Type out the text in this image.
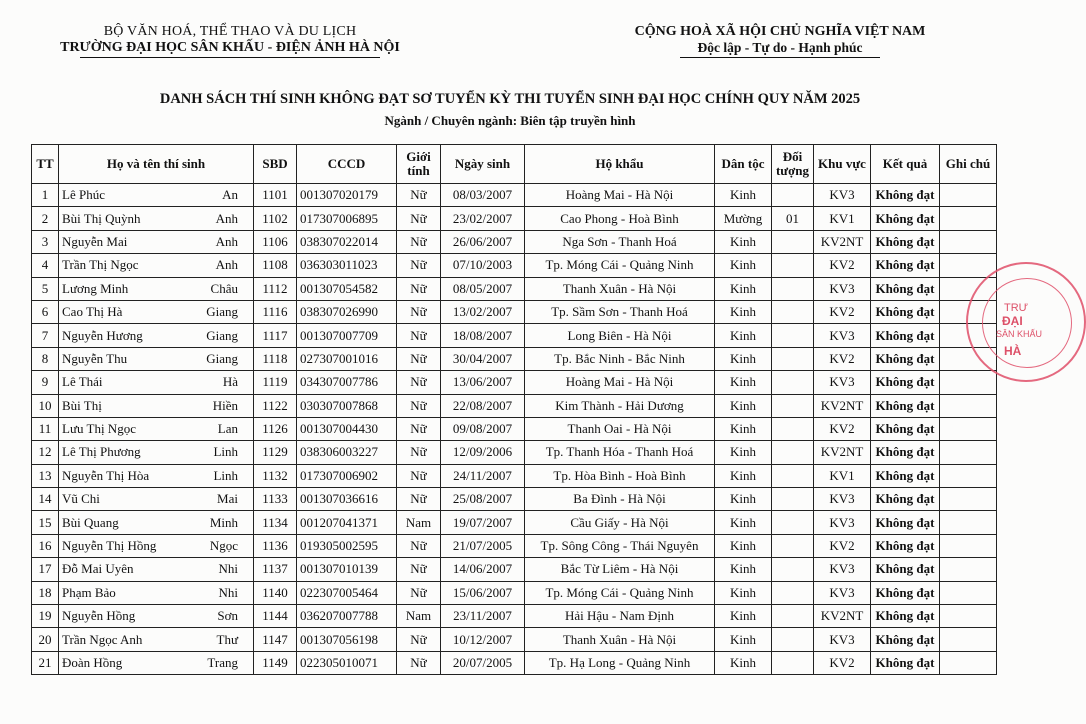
BỘ VĂN HOÁ, THỂ THAO VÀ DU LỊCH
TRƯỜNG ĐẠI HỌC SÂN KHẤU - ĐIỆN ẢNH HÀ NỘI
CỘNG HOÀ XÃ HỘI CHỦ NGHĨA VIỆT NAM
Độc lập - Tự do - Hạnh phúc
DANH SÁCH THÍ SINH KHÔNG ĐẠT SƠ TUYỂN KỲ THI TUYỂN SINH ĐẠI HỌC CHÍNH QUY NĂM 2025
Ngành / Chuyên ngành: Biên tập truyền hình
TT	Họ và tên thí sinh	SBD	CCCD	Giới tính	Ngày sinh	Hộ khẩu	Dân tộc	Đối tượng	Khu vực	Kết quả	Ghi chú
1	Lê Phúc An	1101	001307020179	Nữ	08/03/2007	Hoàng Mai - Hà Nội	Kinh		KV3	Không đạt	
2	Bùi Thị Quỳnh Anh	1102	017307006895	Nữ	23/02/2007	Cao Phong - Hoà Bình	Mường	01	KV1	Không đạt	
3	Nguyễn Mai Anh	1106	038307022014	Nữ	26/06/2007	Nga Sơn - Thanh Hoá	Kinh		KV2NT	Không đạt	
4	Trần Thị Ngọc Anh	1108	036303011023	Nữ	07/10/2003	Tp. Móng Cái - Quảng Ninh	Kinh		KV2	Không đạt	
5	Lương Minh Châu	1112	001307054582	Nữ	08/05/2007	Thanh Xuân - Hà Nội	Kinh		KV3	Không đạt	
6	Cao Thị Hà Giang	1116	038307026990	Nữ	13/02/2007	Tp. Sầm Sơn - Thanh Hoá	Kinh		KV2	Không đạt	
7	Nguyễn Hương Giang	1117	001307007709	Nữ	18/08/2007	Long Biên - Hà Nội	Kinh		KV3	Không đạt	
8	Nguyễn Thu Giang	1118	027307001016	Nữ	30/04/2007	Tp. Bắc Ninh - Bắc Ninh	Kinh		KV2	Không đạt	
9	Lê Thái Hà	1119	034307007786	Nữ	13/06/2007	Hoàng Mai - Hà Nội	Kinh		KV3	Không đạt	
10	Bùi Thị Hiền	1122	030307007868	Nữ	22/08/2007	Kim Thành - Hải Dương	Kinh		KV2NT	Không đạt	
11	Lưu Thị Ngọc Lan	1126	001307004430	Nữ	09/08/2007	Thanh Oai - Hà Nội	Kinh		KV2	Không đạt	
12	Lê Thị Phương Linh	1129	038306003227	Nữ	12/09/2006	Tp. Thanh Hóa - Thanh Hoá	Kinh		KV2NT	Không đạt	
13	Nguyễn Thị Hòa Linh	1132	017307006902	Nữ	24/11/2007	Tp. Hòa Bình - Hoà Bình	Kinh		KV1	Không đạt	
14	Vũ Chi Mai	1133	001307036616	Nữ	25/08/2007	Ba Đình - Hà Nội	Kinh		KV3	Không đạt	
15	Bùi Quang Minh	1134	001207041371	Nam	19/07/2007	Cầu Giấy - Hà Nội	Kinh		KV3	Không đạt	
16	Nguyễn Thị Hồng Ngọc	1136	019305002595	Nữ	21/07/2005	Tp. Sông Công - Thái Nguyên	Kinh		KV2	Không đạt	
17	Đỗ Mai Uyên Nhi	1137	001307010139	Nữ	14/06/2007	Bắc Từ Liêm - Hà Nội	Kinh		KV3	Không đạt	
18	Phạm Bảo Nhi	1140	022307005464	Nữ	15/06/2007	Tp. Móng Cái - Quảng Ninh	Kinh		KV3	Không đạt	
19	Nguyễn Hồng Sơn	1144	036207007788	Nam	23/11/2007	Hải Hậu - Nam Định	Kinh		KV2NT	Không đạt	
20	Trần Ngọc Anh Thư	1147	001307056198	Nữ	10/12/2007	Thanh Xuân - Hà Nội	Kinh		KV3	Không đạt	
21	Đoàn Hồng Trang	1149	022305010071	Nữ	20/07/2005	Tp. Hạ Long - Quảng Ninh	Kinh		KV2	Không đạt	
TRƯ
ĐẠI
SÂN KHẤU
HÀ
